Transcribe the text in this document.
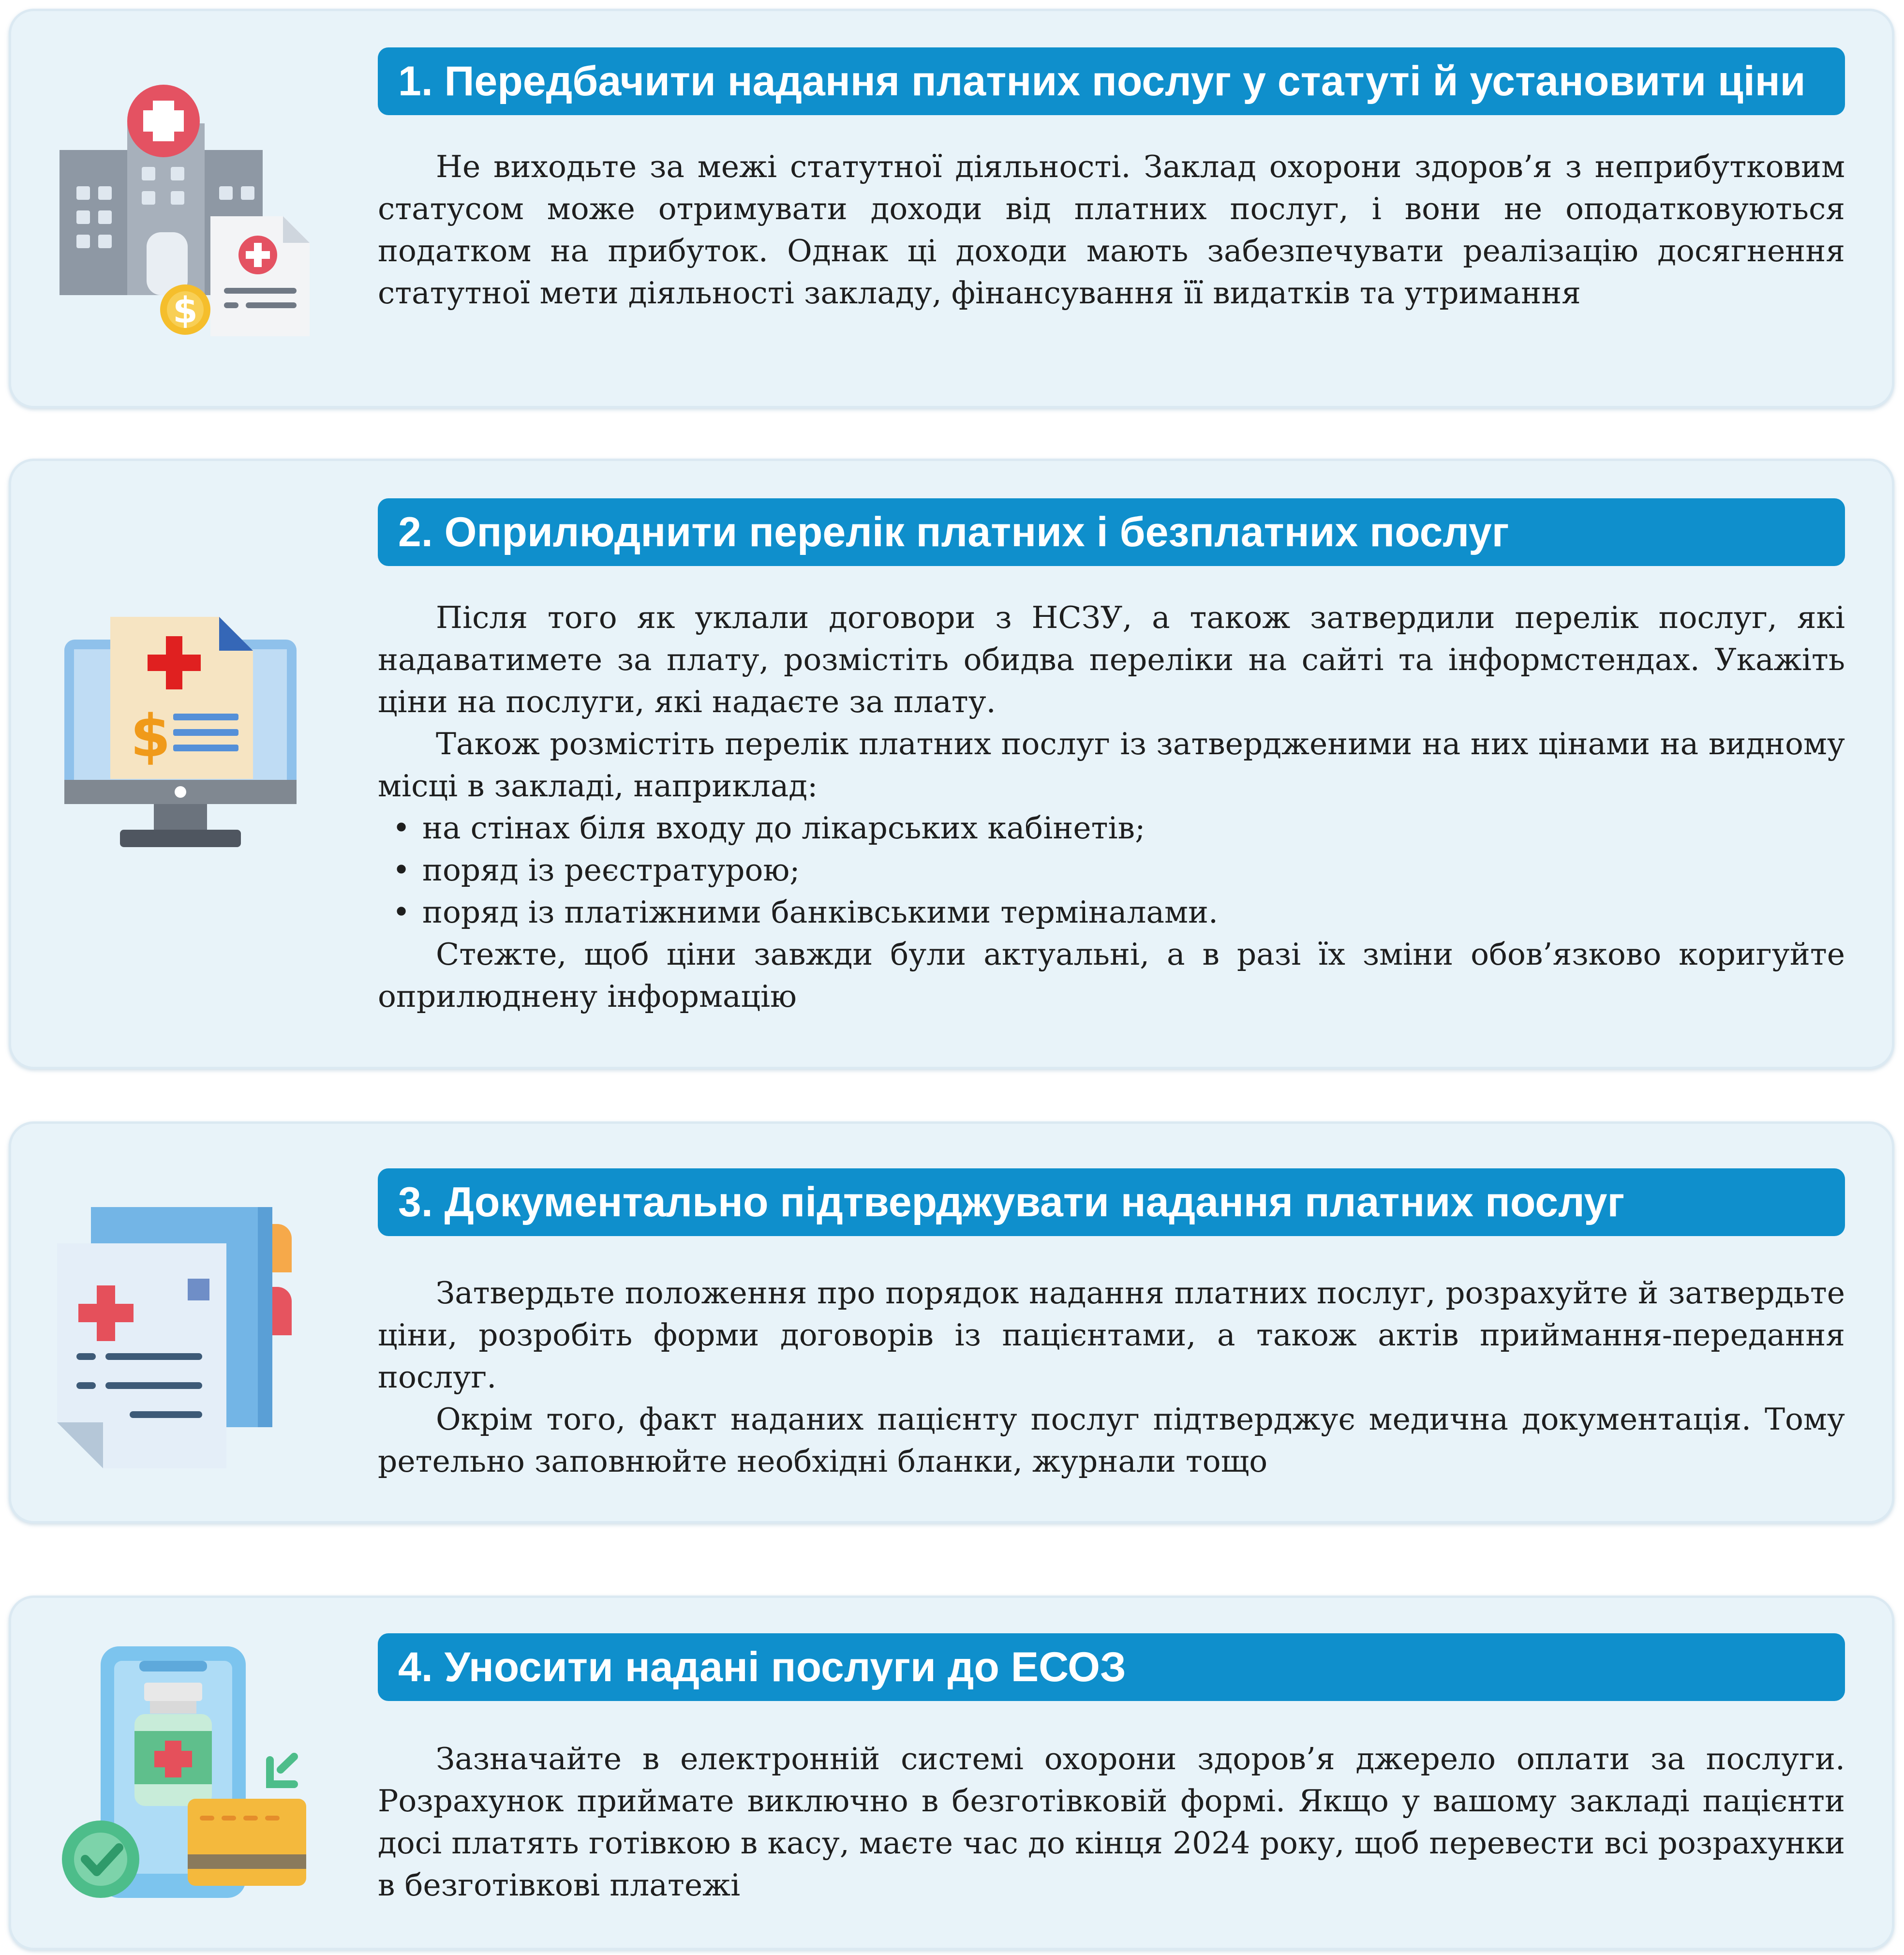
$
1. Передбачити надання платних послуг у статуті й установити ціни

Не виходьте за межі статутної діяльності. Заклад охорони здоров’я з неприбутковим статусом може отримувати доходи від платних послуг, і вони не оподатковуються податком на прибуток. Однак ці доходи мають забезпечувати реалізацію досягнення статутної мети діяльності закладу, фінансування її видатків та утримання

$
2. Оприлюднити перелік платних і безплатних послуг

Після того як уклали договори з НСЗУ, а також затвердили перелік послуг, які надаватимете за плату, розмістіть обидва переліки на сайті та інформстендах. Укажіть ціни на послуги, які надаєте за плату.

Також розмістіть перелік платних послуг із затвердженими на них цінами на видному місці в закладі, наприклад:

• на стінах біля входу до лікарських кабінетів;
• поряд із реєстратурою;
• поряд із платіжними банківськими терміналами.

Стежте, щоб ціни завжди були актуальні, а в разі їх зміни обов’язково коригуйте оприлюднену інформацію

3. Документально підтверджувати надання платних послуг

Затвердьте положення про порядок надання платних послуг, розрахуйте й затвердьте ціни, розробіть форми договорів із пацієнтами, а також актів приймання-передання послуг.

Окрім того, факт наданих пацієнту послуг підтверджує медична документація. Тому ретельно заповнюйте необхідні бланки, журнали тощо

4. Уносити надані послуги до ЕСОЗ

Зазначайте в електронній системі охорони здоров’я джерело оплати за послуги. Розрахунок приймате виключно в безготівковій формі. Якщо у вашому закладі пацієнти досі платять готівкою в касу, маєте час до кінця 2024 року, щоб перевести всі розрахунки в безготівкові платежі
